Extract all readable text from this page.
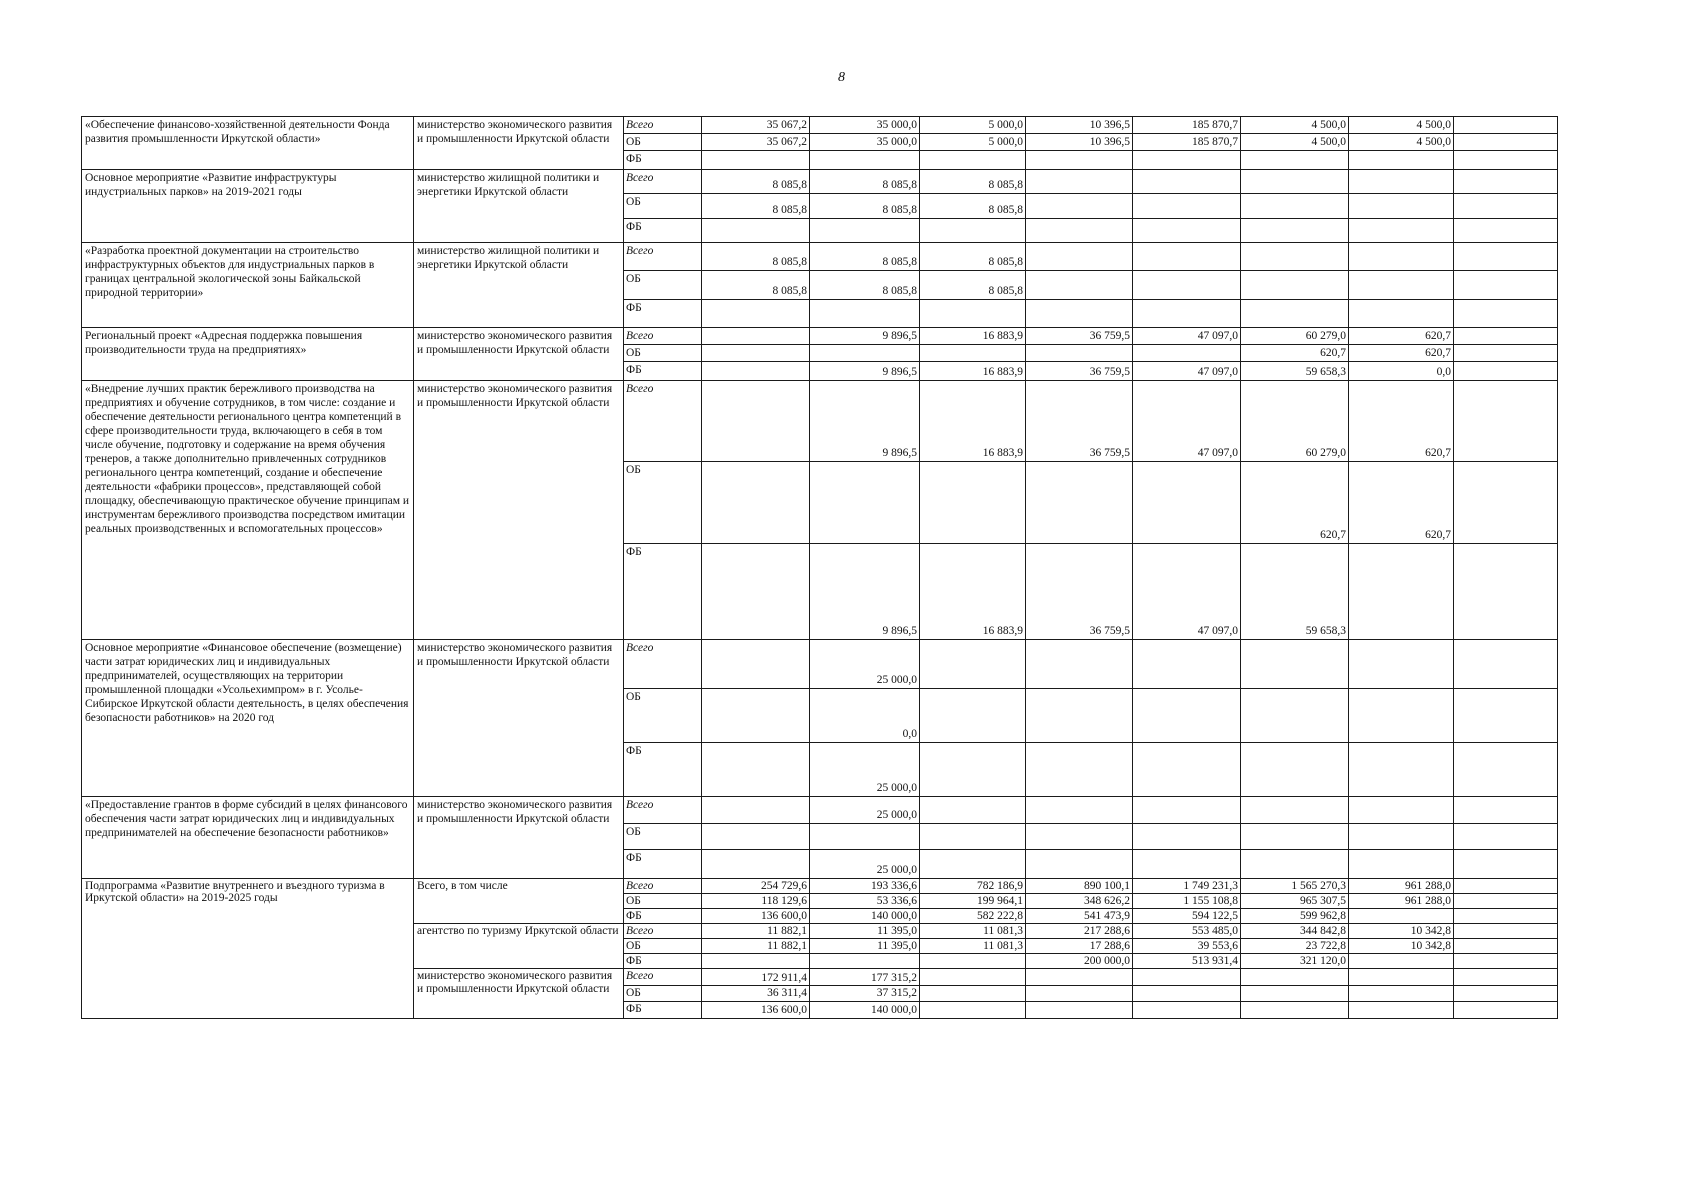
8
«Обеспечение финансово-хозяйственной деятельности Фонда развития промышленности Иркутской области»	министерство экономического развития и промышленности Иркутской области	Всего	35 067,2	35 000,0	5 000,0	10 396,5	185 870,7	4 500,0	4 500,0	
		ОБ	35 067,2	35 000,0	5 000,0	10 396,5	185 870,7	4 500,0	4 500,0	
		ФБ								
Основное мероприятие «Развитие инфраструктуры индустриальных парков» на 2019-2021 годы	министерство жилищной политики и энергетики Иркутской области	Всего	8 085,8	8 085,8	8 085,8					
		ОБ	8 085,8	8 085,8	8 085,8					
		ФБ								
«Разработка проектной документации на строительство инфраструктурных объектов для индустриальных парков в границах центральной экологической зоны Байкальской природной территории»	министерство жилищной политики и энергетики Иркутской области	Всего	8 085,8	8 085,8	8 085,8					
		ОБ	8 085,8	8 085,8	8 085,8					
		ФБ								
Региональный проект «Адресная поддержка повышения производительности труда на предприятиях»	министерство экономического развития и промышленности Иркутской области	Всего		9 896,5	16 883,9	36 759,5	47 097,0	60 279,0	620,7	
		ОБ						620,7	620,7	
		ФБ		9 896,5	16 883,9	36 759,5	47 097,0	59 658,3	0,0	
«Внедрение лучших практик бережливого производства на предприятиях и обучение сотрудников, в том числе: создание и обеспечение деятельности регионального центра компетенций в сфере производительности труда, включающего в себя в том числе обучение, подготовку и содержание на время обучения тренеров, а также дополнительно привлеченных сотрудников регионального центра компетенций, создание и обеспечение деятельности «фабрики процессов», представляющей собой площадку, обеспечивающую практическое обучение принципам и инструментам бережливого производства посредством имитации реальных производственных и вспомогательных процессов»	министерство экономического развития и промышленности Иркутской области	Всего		9 896,5	16 883,9	36 759,5	47 097,0	60 279,0	620,7	
		ОБ						620,7	620,7	
		ФБ		9 896,5	16 883,9	36 759,5	47 097,0	59 658,3		
Основное мероприятие «Финансовое обеспечение (возмещение) части затрат юридических лиц и индивидуальных предпринимателей, осуществляющих на территории промышленной площадки «Усольехимпром» в г. Усолье-Сибирское Иркутской области деятельность, в целях обеспечения безопасности работников» на 2020 год	министерство экономического развития и промышленности Иркутской области	Всего		25 000,0						
		ОБ		0,0						
		ФБ		25 000,0						
«Предоставление грантов в форме субсидий в целях финансового обеспечения части затрат юридических лиц и индивидуальных предпринимателей на обеспечение безопасности работников»	министерство экономического развития и промышленности Иркутской области	Всего		25 000,0						
		ОБ								
		ФБ		25 000,0						
Подпрограмма «Развитие внутреннего и въездного туризма в Иркутской области» на 2019-2025 годы	Всего, в том числе	Всего	254 729,6	193 336,6	782 186,9	890 100,1	1 749 231,3	1 565 270,3	961 288,0	
		ОБ	118 129,6	53 336,6	199 964,1	348 626,2	1 155 108,8	965 307,5	961 288,0	
		ФБ	136 600,0	140 000,0	582 222,8	541 473,9	594 122,5	599 962,8		
	агентство по туризму Иркутской области	Всего	11 882,1	11 395,0	11 081,3	217 288,6	553 485,0	344 842,8	10 342,8	
		ОБ	11 882,1	11 395,0	11 081,3	17 288,6	39 553,6	23 722,8	10 342,8	
		ФБ				200 000,0	513 931,4	321 120,0		
	министерство экономического развития и промышленности Иркутской области	Всего	172 911,4	177 315,2						
		ОБ	36 311,4	37 315,2						
		ФБ	136 600,0	140 000,0						
